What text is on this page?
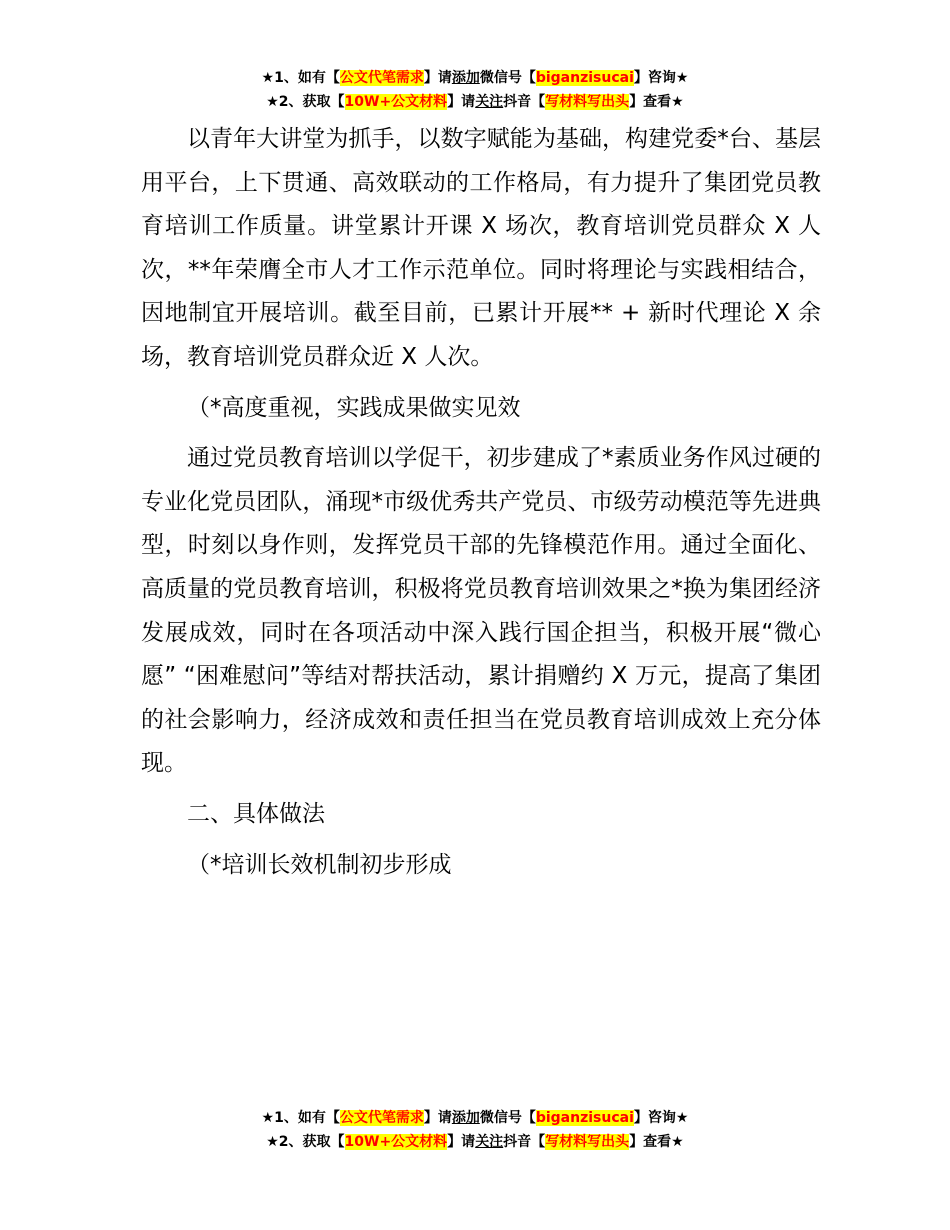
★1、如有【公文代笔需求】请添加微信号【biganzisucai】咨询★
★2、获取【10W+公文材料】请关注抖音【写材料写出头】查看★

以青年大讲堂为抓手，以数字赋能为基础，构建党委*台、基层用平台，上下贯通、高效联动的工作格局，有力提升了集团党员教育培训工作质量。讲堂累计开课 X 场次，教育培训党员群众 X 人次，**年荣膺全市人才工作示范单位。同时将理论与实践相结合，因地制宜开展培训。截至目前，已累计开展** + 新时代理论 X 余场，教育培训党员群众近 X 人次。

（*高度重视，实践成果做实见效

通过党员教育培训以学促干，初步建成了*素质业务作风过硬的专业化党员团队，涌现*市级优秀共产党员、市级劳动模范等先进典型，时刻以身作则，发挥党员干部的先锋模范作用。通过全面化、高质量的党员教育培训，积极将党员教育培训效果之*换为集团经济发展成效，同时在各项活动中深入践行国企担当，积极开展“微心愿” “困难慰问”等结对帮扶活动，累计捐赠约 X 万元，提高了集团的社会影响力，经济成效和责任担当在党员教育培训成效上充分体现。

二、具体做法

（*培训长效机制初步形成

★1、如有【公文代笔需求】请添加微信号【biganzisucai】咨询★
★2、获取【10W+公文材料】请关注抖音【写材料写出头】查看★
